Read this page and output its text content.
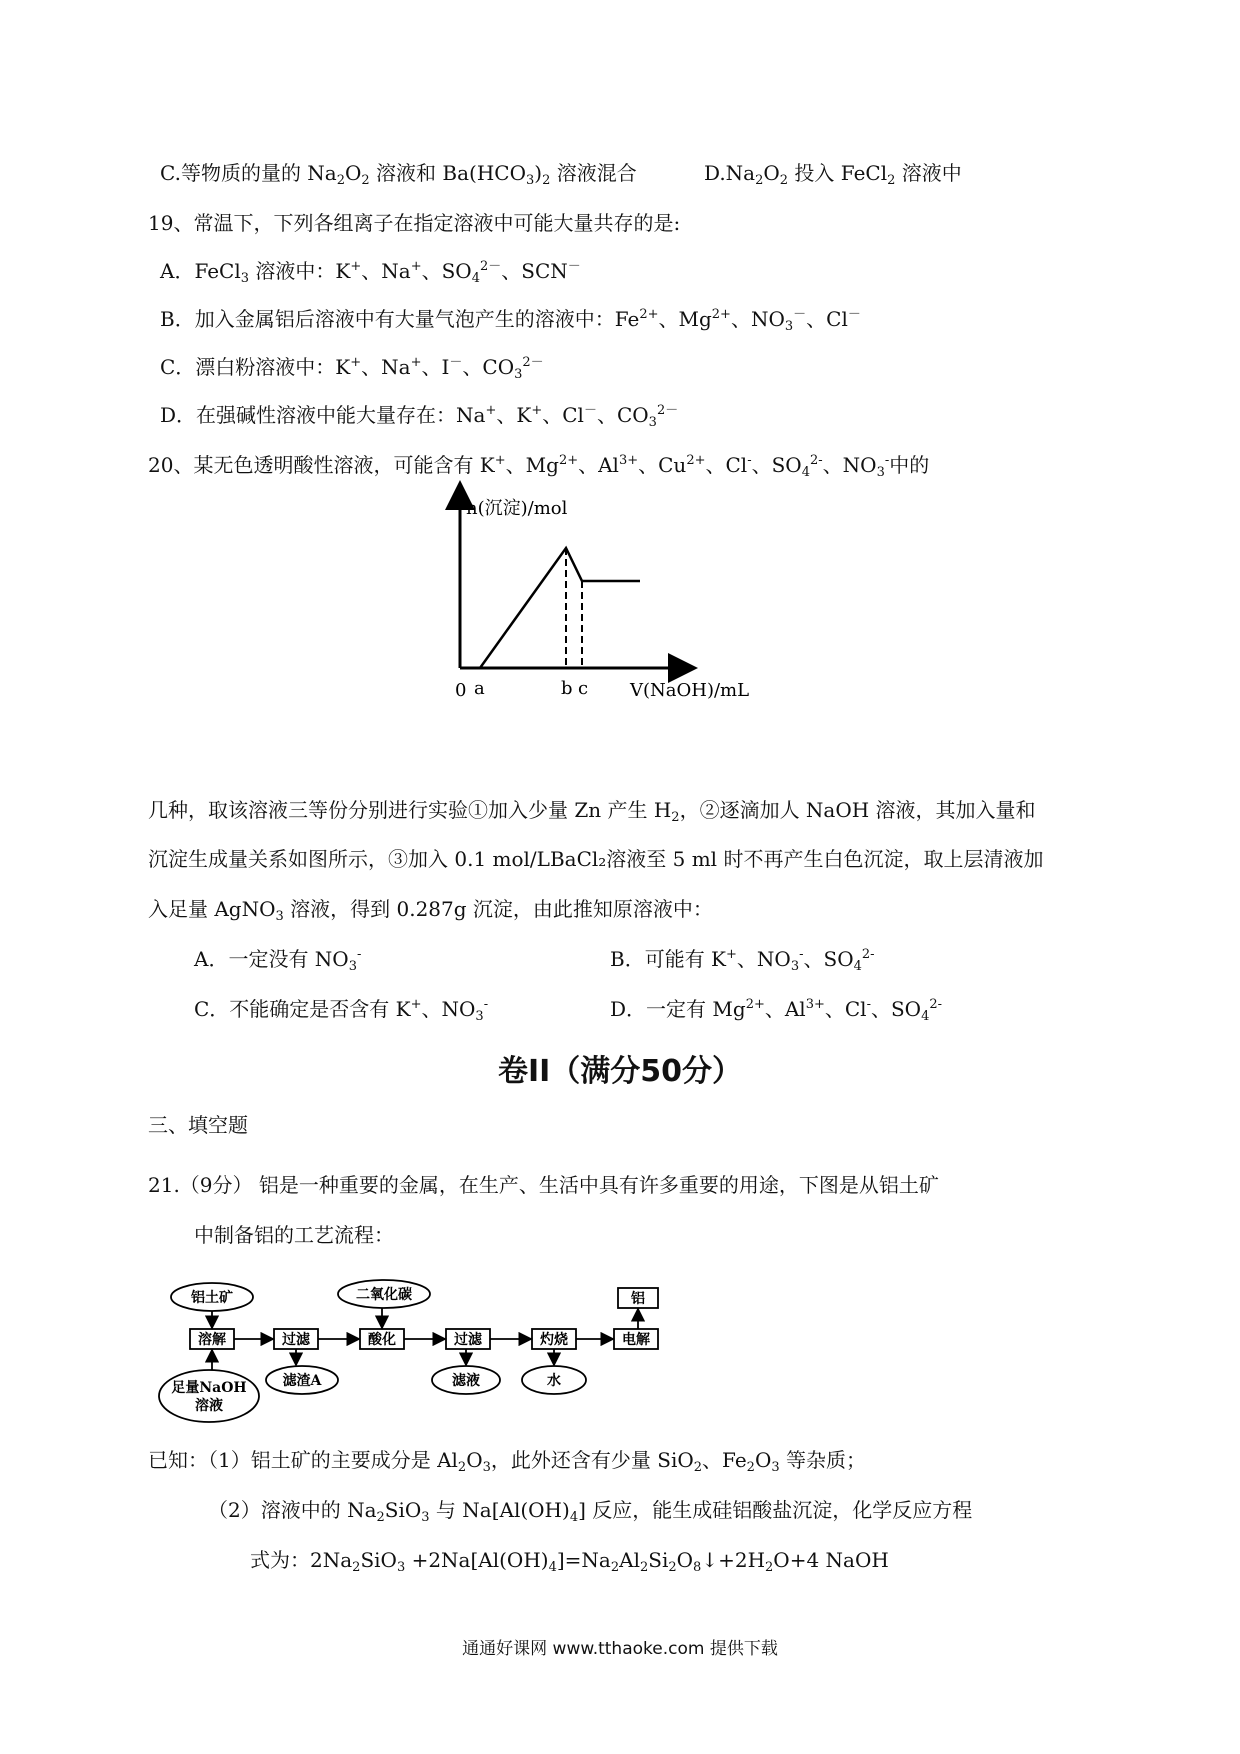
C.等物质的量的 $Na_2O_2$ 溶液和 $Ba(HCO_3)_2$ 溶液混合	$D.Na_2O_2$ 投入 FeCl$_2$ 溶液中
19、常温下，下列各组离子在指定溶液中可能大量共存的是:
A．FeCl$_3$ 溶液中：K+、Na+、$SO_4^{2-}$、SCN－
B．加入金属铝后溶液中有大量气泡产生的溶液中：$Fe^{2+}$、$Mg^{2+}$、$NO_3^-$、Cl－
C．漂白粉溶液中：K+、Na+、I－、$CO_3^{2-}$
D．在强碱性溶液中能大量存在：Na+、K+、Cl－、$CO_3^{2-}$
20、某无色透明酸性溶液，可能含有 K+、$Mg^{2+}$、$Al^{3+}$、$Cu^{2+}$、Cl-、$SO_4^{2-}$、$NO_3^-$中的
n(沉淀)/mol
0 a	b c V(NaOH)/mL
几种，取该溶液三等份分别进行实验①加入少量 Zn 产生 $H_2$，②逐滴加人 NaOH 溶液，其加入量和
沉淀生成量关系如图所示，③加入 0.1 mol/LBaCl₂溶液至 5 ml 时不再产生白色沉淀，取上层清液加
入足量 AgNO$_3$ 溶液，得到 0.287g 沉淀，由此推知原溶液中：
A．一定没有 $NO_3^-$	B．可能有 K+、$NO_3^-$、$SO_4^{2-}$
C．不能确定是否含有 K+、$NO_3^-$	D．一定有 $Mg^{2+}$、$Al^{3+}$、Cl-、$SO_4^{2-}$
卷II（满分50分）
三、填空题
21.（9分） 铝是一种重要的金属，在生产、生活中具有许多重要的用途，下图是从铝土矿
中制备铝的工艺流程：
铝土矿
溶解
足量NaOH
溶液
过滤
滤渣A
二氧化碳
酸化	过滤
滤液
灼烧
水
电解
铝
已知：（1）铝土矿的主要成分是 $Al_2O_3$，此外还含有少量 SiO$_2$、$Fe_2O_3$ 等杂质；
（2）溶液中的 $Na_2SiO_3$ 与 $Na[Al(OH)_4]$ 反应，能生成硅铝酸盐沉淀，化学反应方程
式为：$2Na_2SiO_3$ $+2Na[Al(OH)_4]=Na_2Al_2Si_2O_8↓+2H_2O+4$ NaOH
通通好课网 www.tthaoke.com 提供下载
